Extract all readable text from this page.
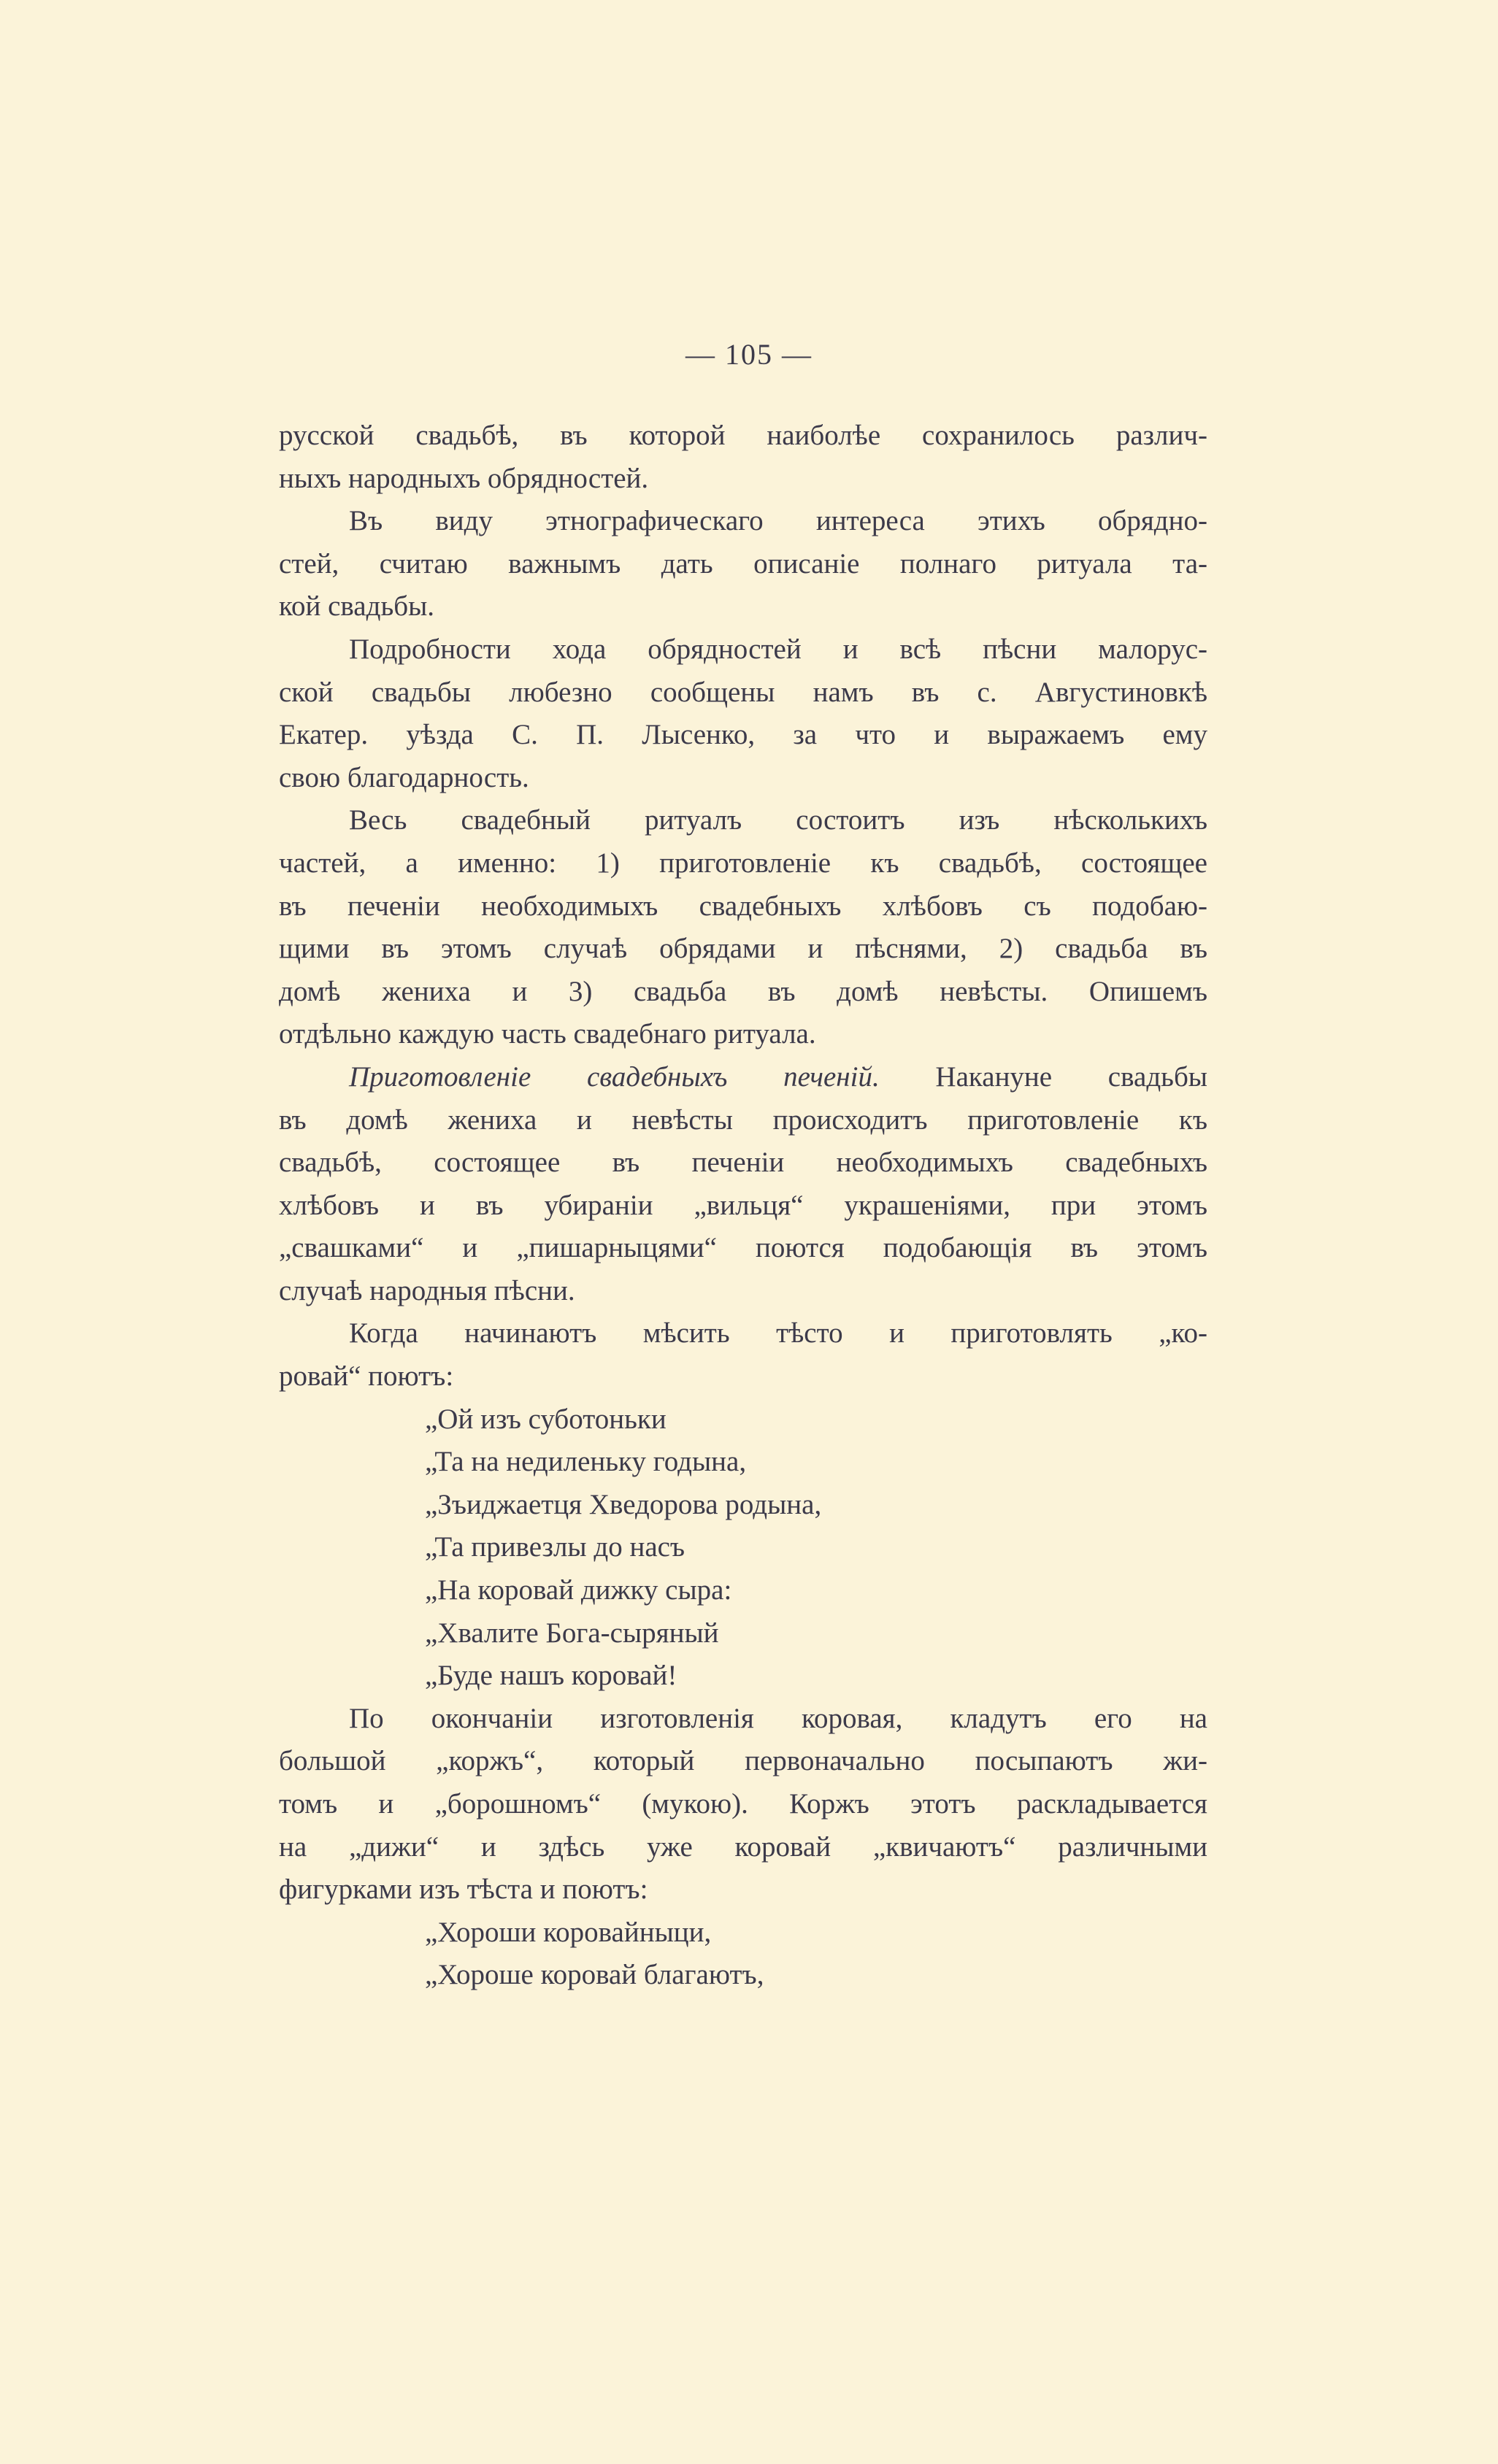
— 105 —
русской свадьбѣ, въ которой наиболѣе сохранилось различ-
ныхъ народныхъ обрядностей.
Въ виду этнографическаго интереса этихъ обрядно-
стей, считаю важнымъ дать описаніе полнаго ритуала та-
кой свадьбы.
Подробности хода обрядностей и всѣ пѣсни малорус-
ской свадьбы любезно сообщены намъ въ с. Августиновкѣ
Екатер. уѣзда С. П. Лысенко, за что и выражаемъ ему
свою благодарность.
Весь свадебный ритуалъ состоитъ изъ нѣсколькихъ
частей, а именно: 1) приготовленіе къ свадьбѣ, состоящее
въ печеніи необходимыхъ свадебныхъ хлѣбовъ съ подобаю-
щими въ этомъ случаѣ обрядами и пѣснями, 2) свадьба въ
домѣ жениха и 3) свадьба въ домѣ невѣсты. Опишемъ
отдѣльно каждую часть свадебнаго ритуала.
Приготовленіе свадебныхъ печеній. Накануне свадьбы
въ домѣ жениха и невѣсты происходитъ приготовленіе къ
свадьбѣ, состоящее въ печеніи необходимыхъ свадебныхъ
хлѣбовъ и въ убираніи „вильця“ украшеніями, при этомъ
„свашками“ и „пишарныцями“ поются подобающія въ этомъ
случаѣ народныя пѣсни.
Когда начинаютъ мѣсить тѣсто и приготовлять „ко-
ровай“ поютъ:
„Ой изъ суботоньки
„Та на недиленьку годына,
„Зъиджаетця Хведорова родына,
„Та привезлы до насъ
„На коровай дижку сыра:
„Хвалите Бога-сыряный
„Буде нашъ коровай!
По окончаніи изготовленія коровая, кладутъ его на
большой „коржъ“, который первоначально посыпаютъ жи-
томъ и „борошномъ“ (мукою). Коржъ этотъ раскладывается
на „дижи“ и здѣсь уже коровай „квичаютъ“ различными
фигурками изъ тѣста и поютъ:
„Хороши коровайныци,
„Хороше коровай благаютъ,
